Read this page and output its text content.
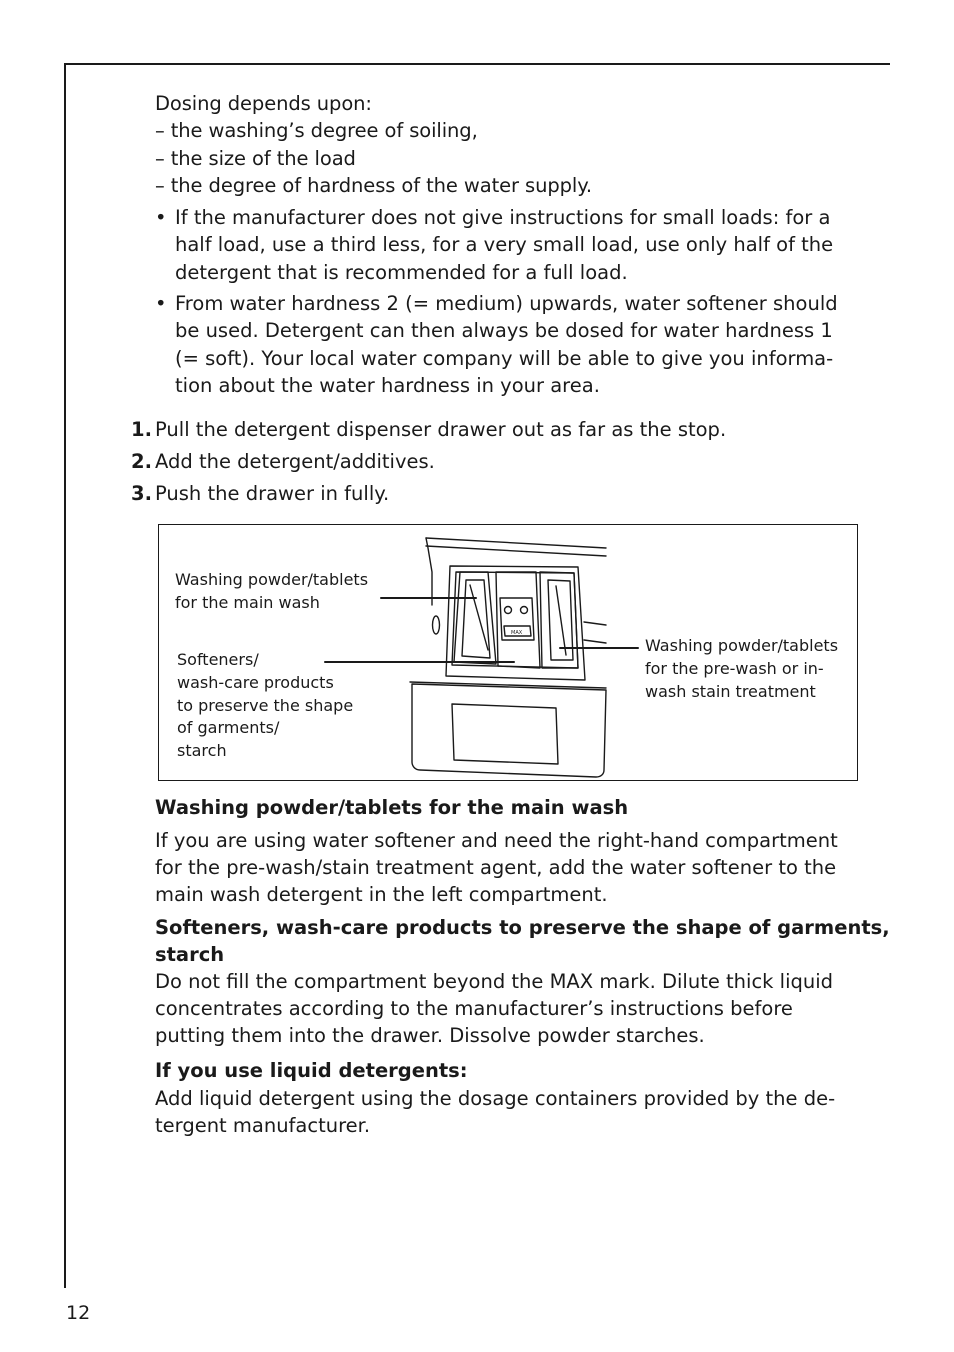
Dosing depends upon:
– the washing’s degree of soiling,
– the size of the load
– the degree of hardness of the water supply.
• If the manufacturer does not give instructions for small loads: for a
half load, use a third less, for a very small load, use only half of the
detergent that is recommended for a full load.
• From water hardness 2 (= medium) upwards, water softener should
be used. Detergent can then always be dosed for water hardness 1
(= soft). Your local water company will be able to give you informa-
tion about the water hardness in your area.
1. Pull the detergent dispenser drawer out as far as the stop.
2. Add the detergent/additives.
3. Push the drawer in fully.
MAX
Washing powder/tablets
for the main wash
Softeners/
wash-care products
to preserve the shape
of garments/
starch
Washing powder/tablets
for the pre-wash or in-
wash stain treatment
Washing powder/tablets for the main wash
If you are using water softener and need the right-hand compartment
for the pre-wash/stain treatment agent, add the water softener to the
main wash detergent in the left compartment.
Softeners, wash-care products to preserve the shape of garments,
starch
Do not fill the compartment beyond the MAX mark. Dilute thick liquid
concentrates according to the manufacturer’s instructions before
putting them into the drawer. Dissolve powder starches.
If you use liquid detergents:
Add liquid detergent using the dosage containers provided by the de-
tergent manufacturer.
12
